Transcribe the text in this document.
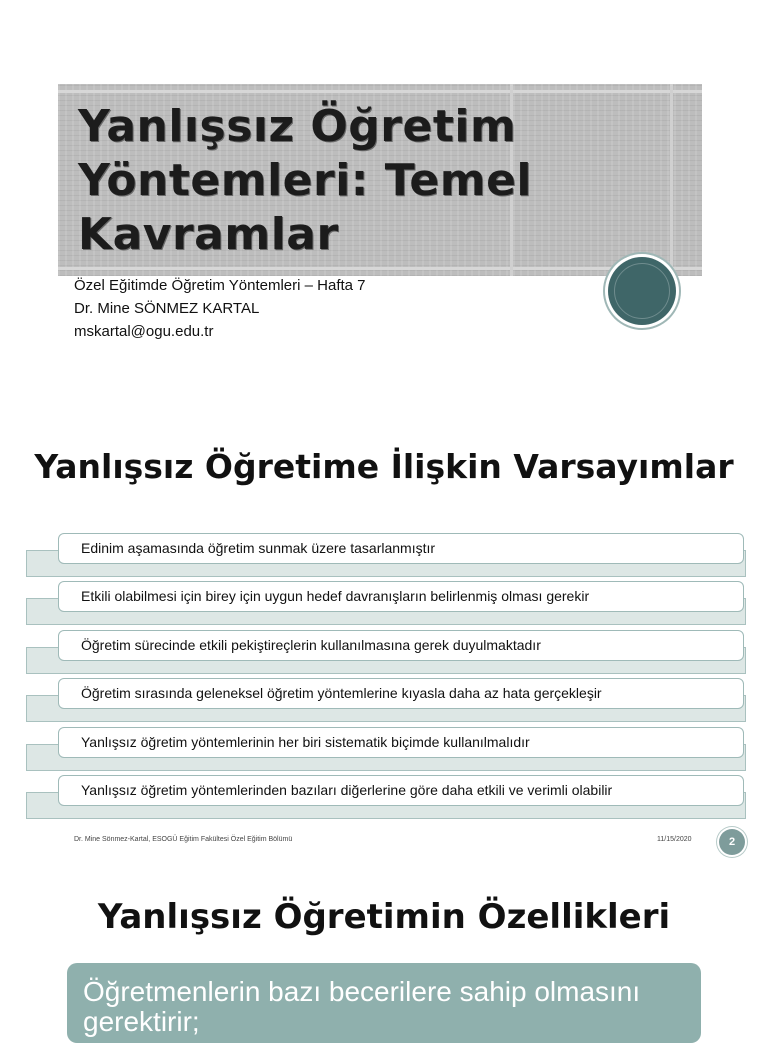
Yanlışsız Öğretim Yöntemleri: Temel Kavramlar
Özel Eğitimde Öğretim Yöntemleri – Hafta 7
Dr. Mine SÖNMEZ KARTAL
mskartal@ogu.edu.tr
Yanlışsız Öğretime İlişkin Varsayımlar
Edinim aşamasında öğretim sunmak üzere tasarlanmıştır
Etkili olabilmesi için birey için uygun hedef davranışların belirlenmiş olması gerekir
Öğretim sürecinde etkili pekiştireçlerin kullanılmasına gerek duyulmaktadır
Öğretim sırasında geleneksel öğretim yöntemlerine kıyasla daha az hata gerçekleşir
Yanlışsız öğretim yöntemlerinin her biri sistematik biçimde kullanılmalıdır
Yanlışsız öğretim yöntemlerinden bazıları diğerlerine göre daha etkili ve verimli olabilir
Dr. Mine Sönmez-Kartal, ESOGÜ Eğitim Fakültesi Özel Eğitim Bölümü	11/15/2020	2
Yanlışsız Öğretimin Özellikleri
Öğretmenlerin bazı becerilere sahip olmasını gerektirir;
